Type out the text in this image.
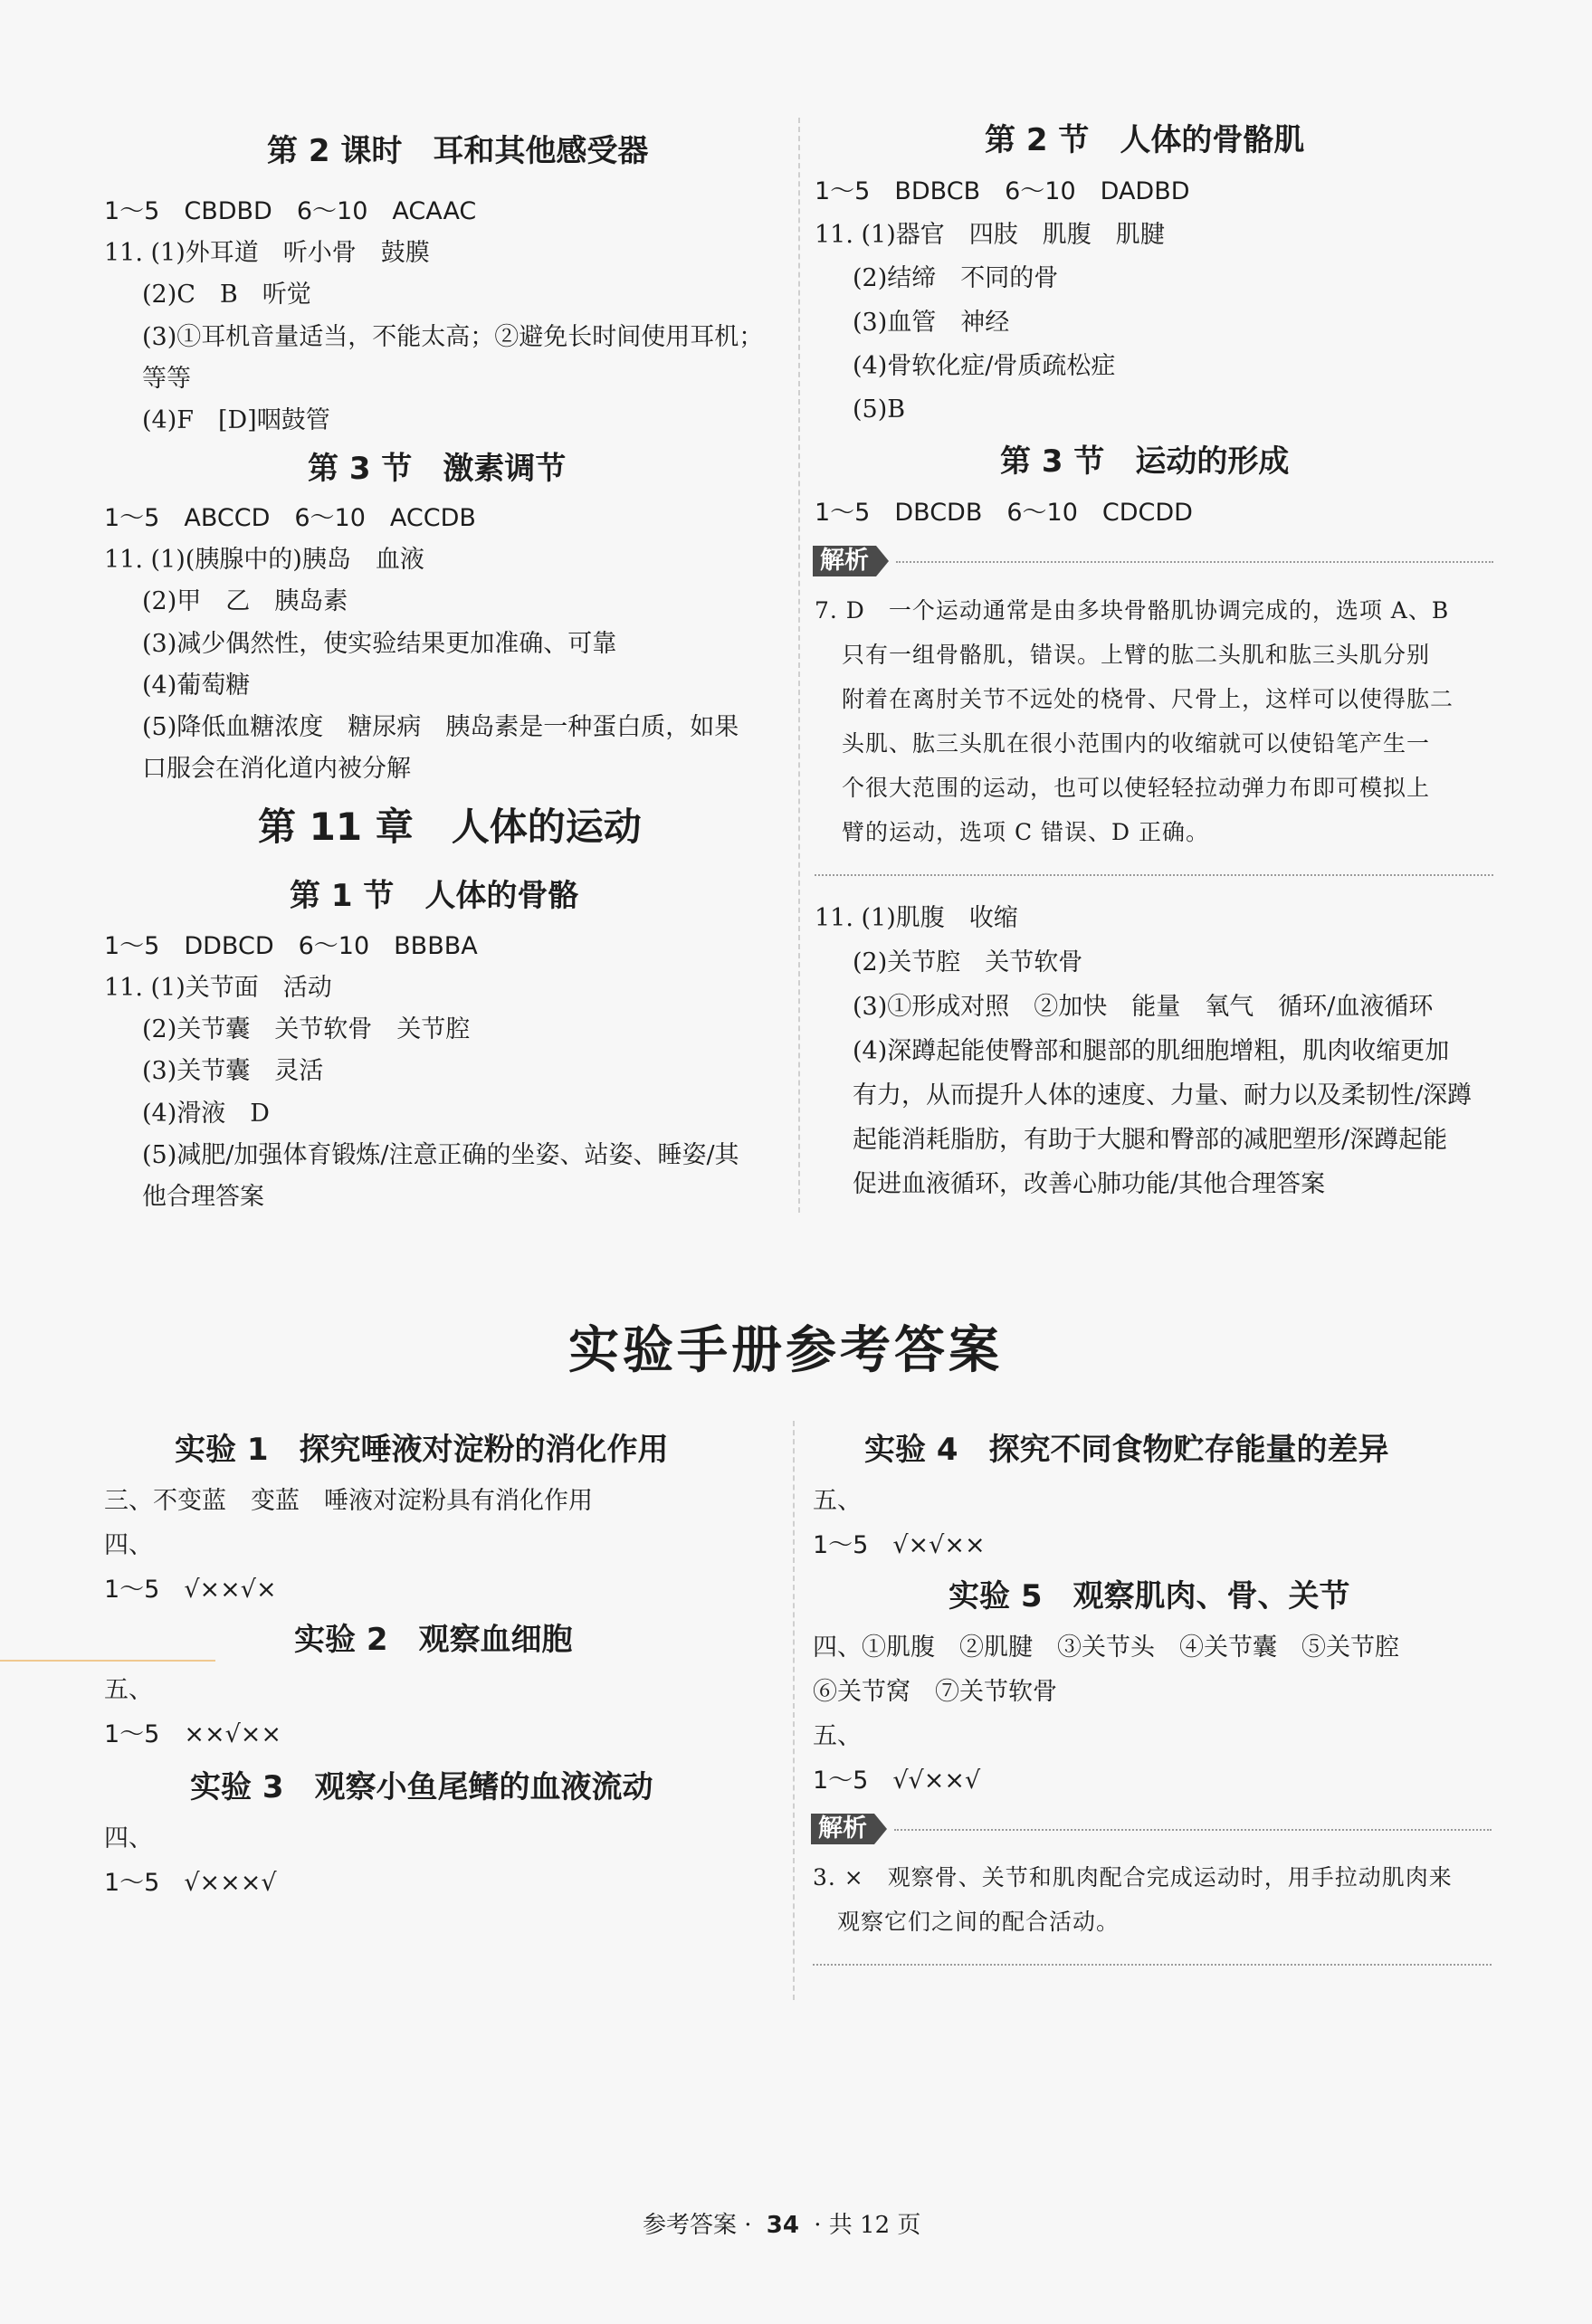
第 2 课时　耳和其他感受器
1～5　CBDBD　6～10　ACAAC
11. (1)外耳道　听小骨　鼓膜
(2)C　B　听觉
(3)①耳机音量适当，不能太高；②避免长时间使用耳机；
等等
(4)F　[D]咽鼓管
第 3 节　激素调节
1～5　ABCCD　6～10　ACCDB
11. (1)(胰腺中的)胰岛　血液
(2)甲　乙　胰岛素
(3)减少偶然性，使实验结果更加准确、可靠
(4)葡萄糖
(5)降低血糖浓度　糖尿病　胰岛素是一种蛋白质，如果
口服会在消化道内被分解
第 11 章　人体的运动
第 1 节　人体的骨骼
1～5　DDBCD　6～10　BBBBA
11. (1)关节面　活动
(2)关节囊　关节软骨　关节腔
(3)关节囊　灵活
(4)滑液　D
(5)减肥/加强体育锻炼/注意正确的坐姿、站姿、睡姿/其
他合理答案
第 2 节　人体的骨骼肌
1～5　BDBCB　6～10　DADBD
11. (1)器官　四肢　肌腹　肌腱
(2)结缔　不同的骨
(3)血管　神经
(4)骨软化症/骨质疏松症
(5)B
第 3 节　运动的形成
1～5　DBCDB　6～10　CDCDD
解析
7. D　一个运动通常是由多块骨骼肌协调完成的，选项 A、B
只有一组骨骼肌，错误。上臂的肱二头肌和肱三头肌分别
附着在离肘关节不远处的桡骨、尺骨上，这样可以使得肱二
头肌、肱三头肌在很小范围内的收缩就可以使铅笔产生一
个很大范围的运动，也可以使轻轻拉动弹力布即可模拟上
臂的运动，选项 C 错误、D 正确。
11. (1)肌腹　收缩
(2)关节腔　关节软骨
(3)①形成对照　②加快　能量　氧气　循环/血液循环
(4)深蹲起能使臀部和腿部的肌细胞增粗，肌肉收缩更加
有力，从而提升人体的速度、力量、耐力以及柔韧性/深蹲
起能消耗脂肪，有助于大腿和臀部的减肥塑形/深蹲起能
促进血液循环，改善心肺功能/其他合理答案
实验手册参考答案
实验 1　探究唾液对淀粉的消化作用
三、不变蓝　变蓝　唾液对淀粉具有消化作用
四、
1～5　√××√×
实验 2　观察血细胞
五、
1～5　××√××
实验 3　观察小鱼尾鳍的血液流动
四、
1～5　√×××√
实验 4　探究不同食物贮存能量的差异
五、
1～5　√×√××
实验 5　观察肌肉、骨、关节
四、①肌腹　②肌腱　③关节头　④关节囊　⑤关节腔
⑥关节窝　⑦关节软骨
五、
1～5　√√××√
解析
3. ×　观察骨、关节和肌肉配合完成运动时，用手拉动肌肉来
观察它们之间的配合活动。
参考答案 · 34 · 共 12 页
